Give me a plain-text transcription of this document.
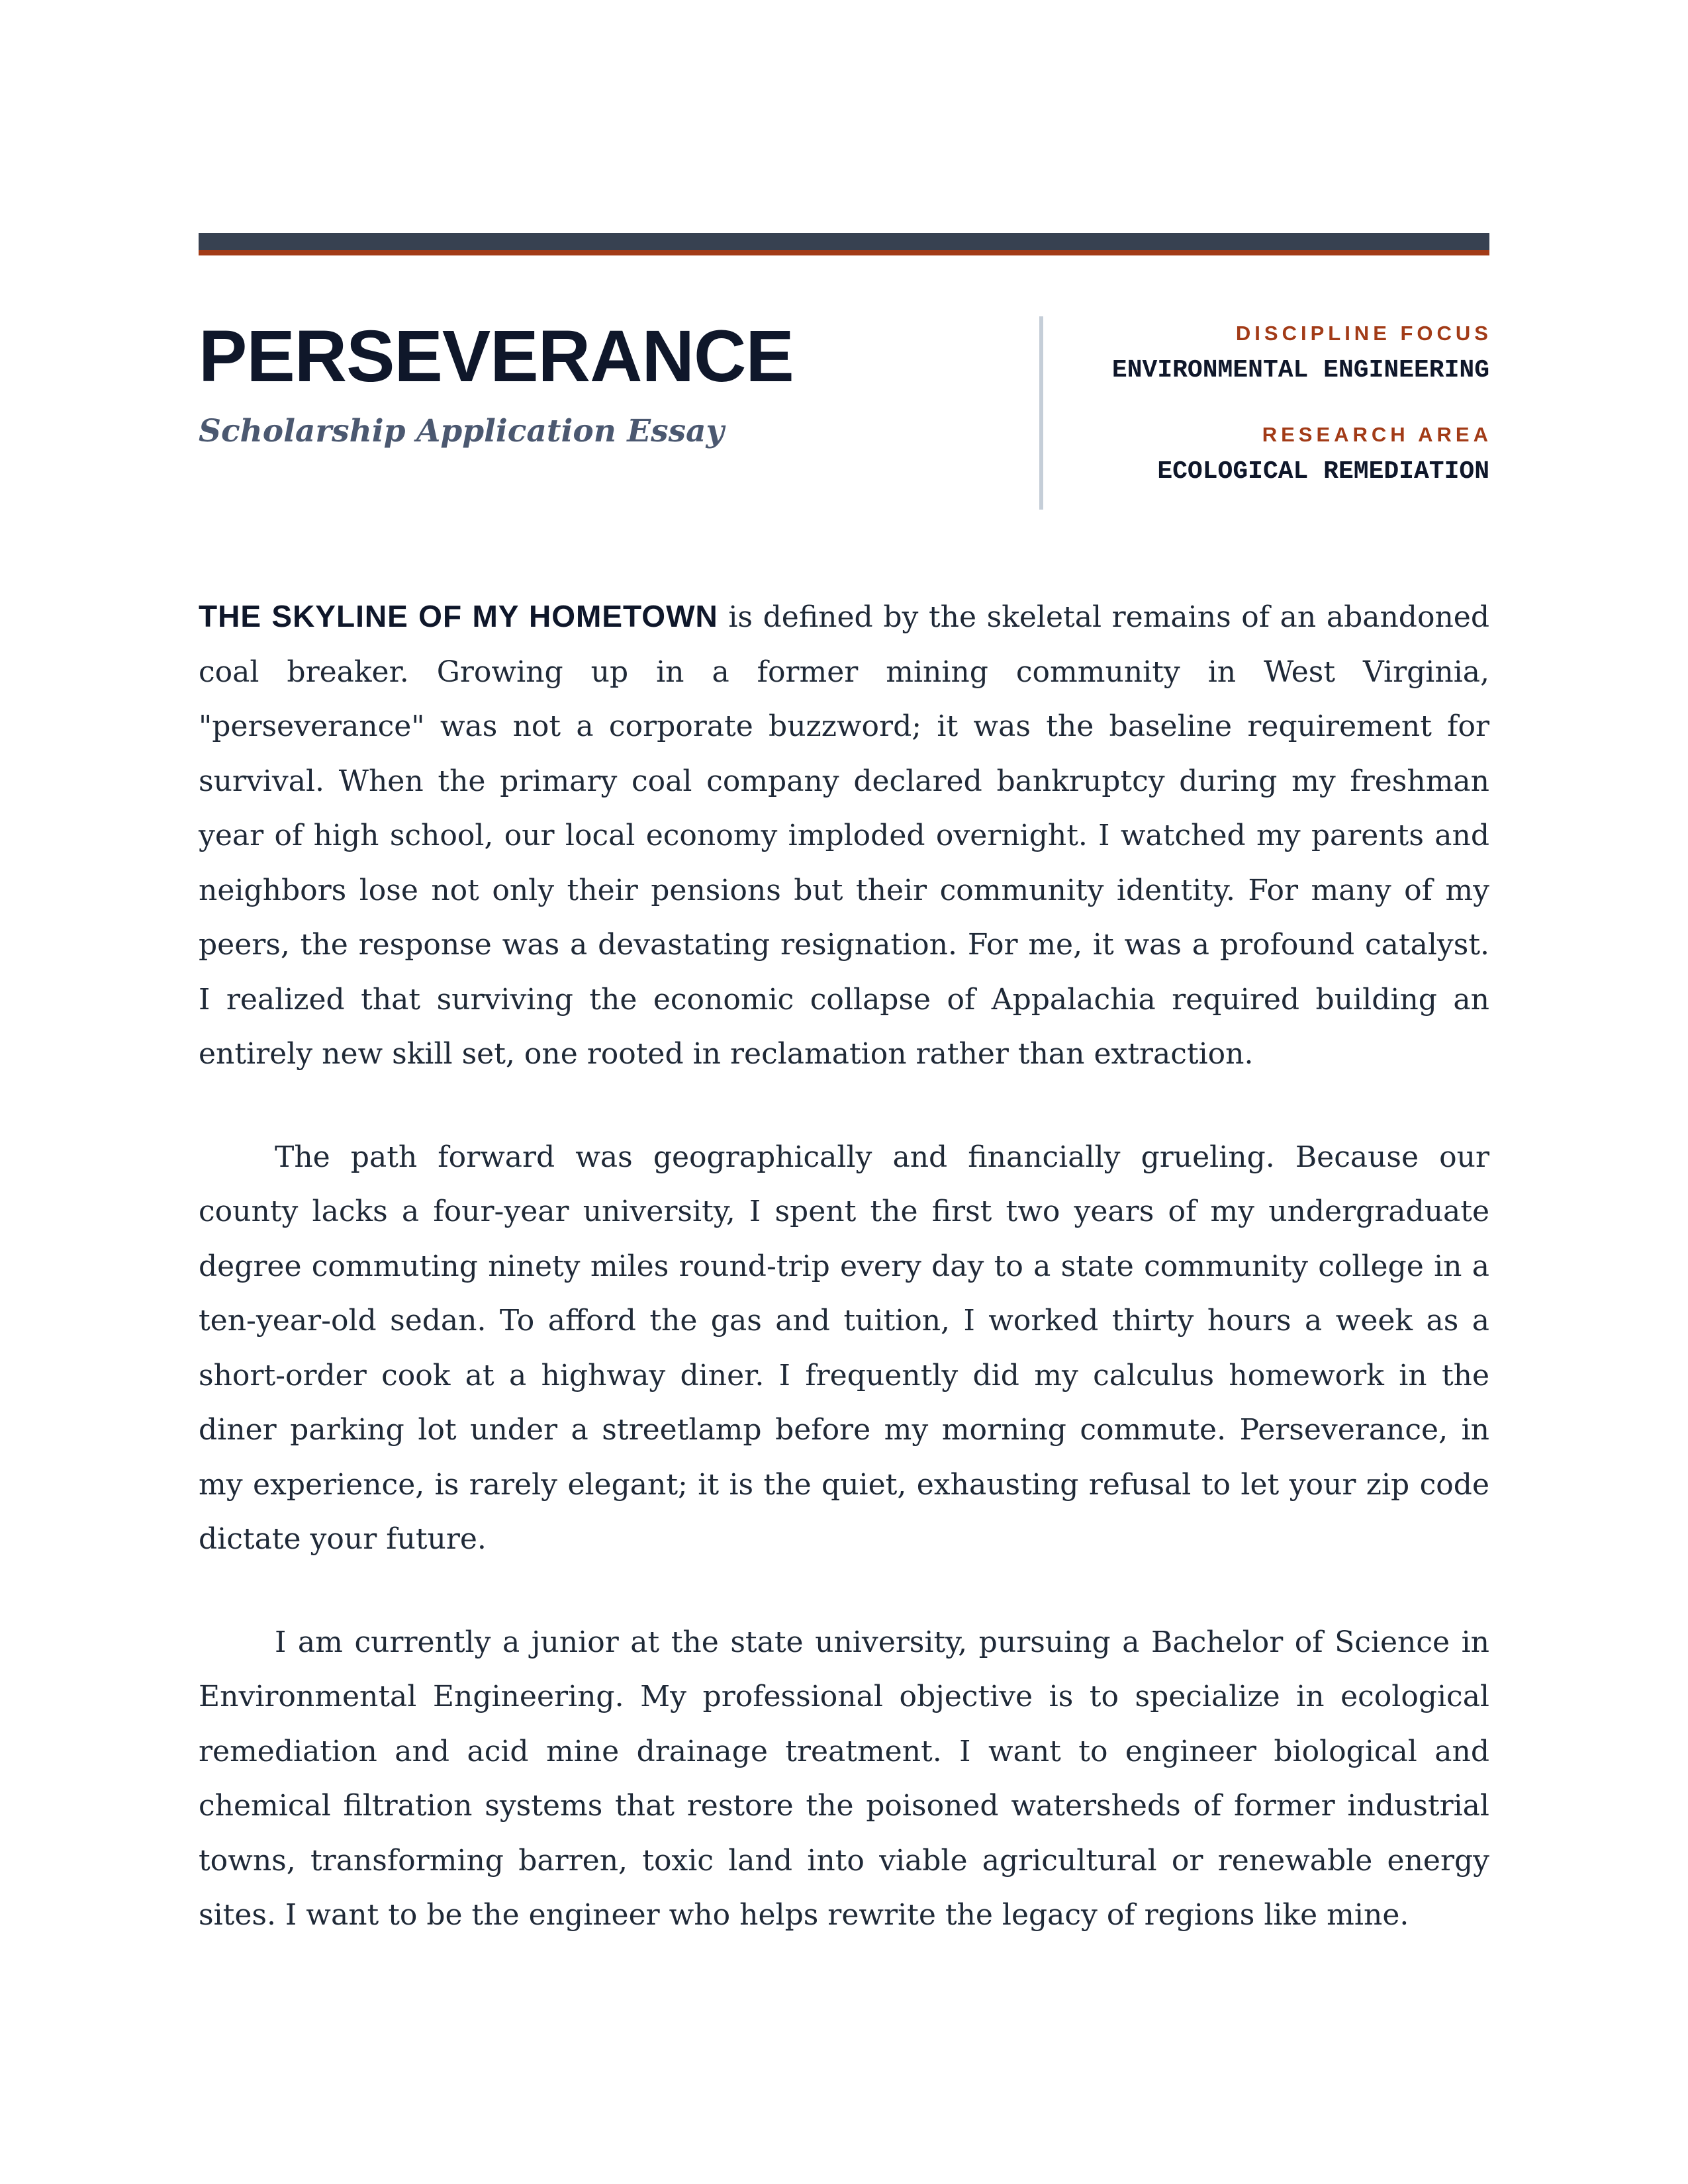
PERSEVERANCE
Scholarship Application Essay
DISCIPLINE FOCUS
ENVIRONMENTAL ENGINEERING
RESEARCH AREA
ECOLOGICAL REMEDIATION

THE SKYLINE OF MY HOMETOWN is defined by the skeletal remains of an abandoned coal breaker. Growing up in a former mining community in West Virginia, "perseverance" was not a corporate buzzword; it was the baseline requirement for survival. When the primary coal company declared bankruptcy during my freshman year of high school, our local economy imploded overnight. I watched my parents and neighbors lose not only their pensions but their community identity. For many of my peers, the response was a devastating resignation. For me, it was a profound catalyst. I realized that surviving the economic collapse of Appalachia required building an entirely new skill set, one rooted in reclamation rather than extraction.

The path forward was geographically and financially grueling. Because our county lacks a four-year university, I spent the first two years of my undergraduate degree commuting ninety miles round-trip every day to a state community college in a ten-year-old sedan. To afford the gas and tuition, I worked thirty hours a week as a short-order cook at a highway diner. I frequently did my calculus homework in the diner parking lot under a streetlamp before my morning commute. Perseverance, in my experience, is rarely elegant; it is the quiet, exhausting refusal to let your zip code dictate your future.

I am currently a junior at the state university, pursuing a Bachelor of Science in Environmental Engineering. My professional objective is to specialize in ecological remediation and acid mine drainage treatment. I want to engineer biological and chemical filtration systems that restore the poisoned watersheds of former industrial towns, transforming barren, toxic land into viable agricultural or renewable energy sites. I want to be the engineer who helps rewrite the legacy of regions like mine.
